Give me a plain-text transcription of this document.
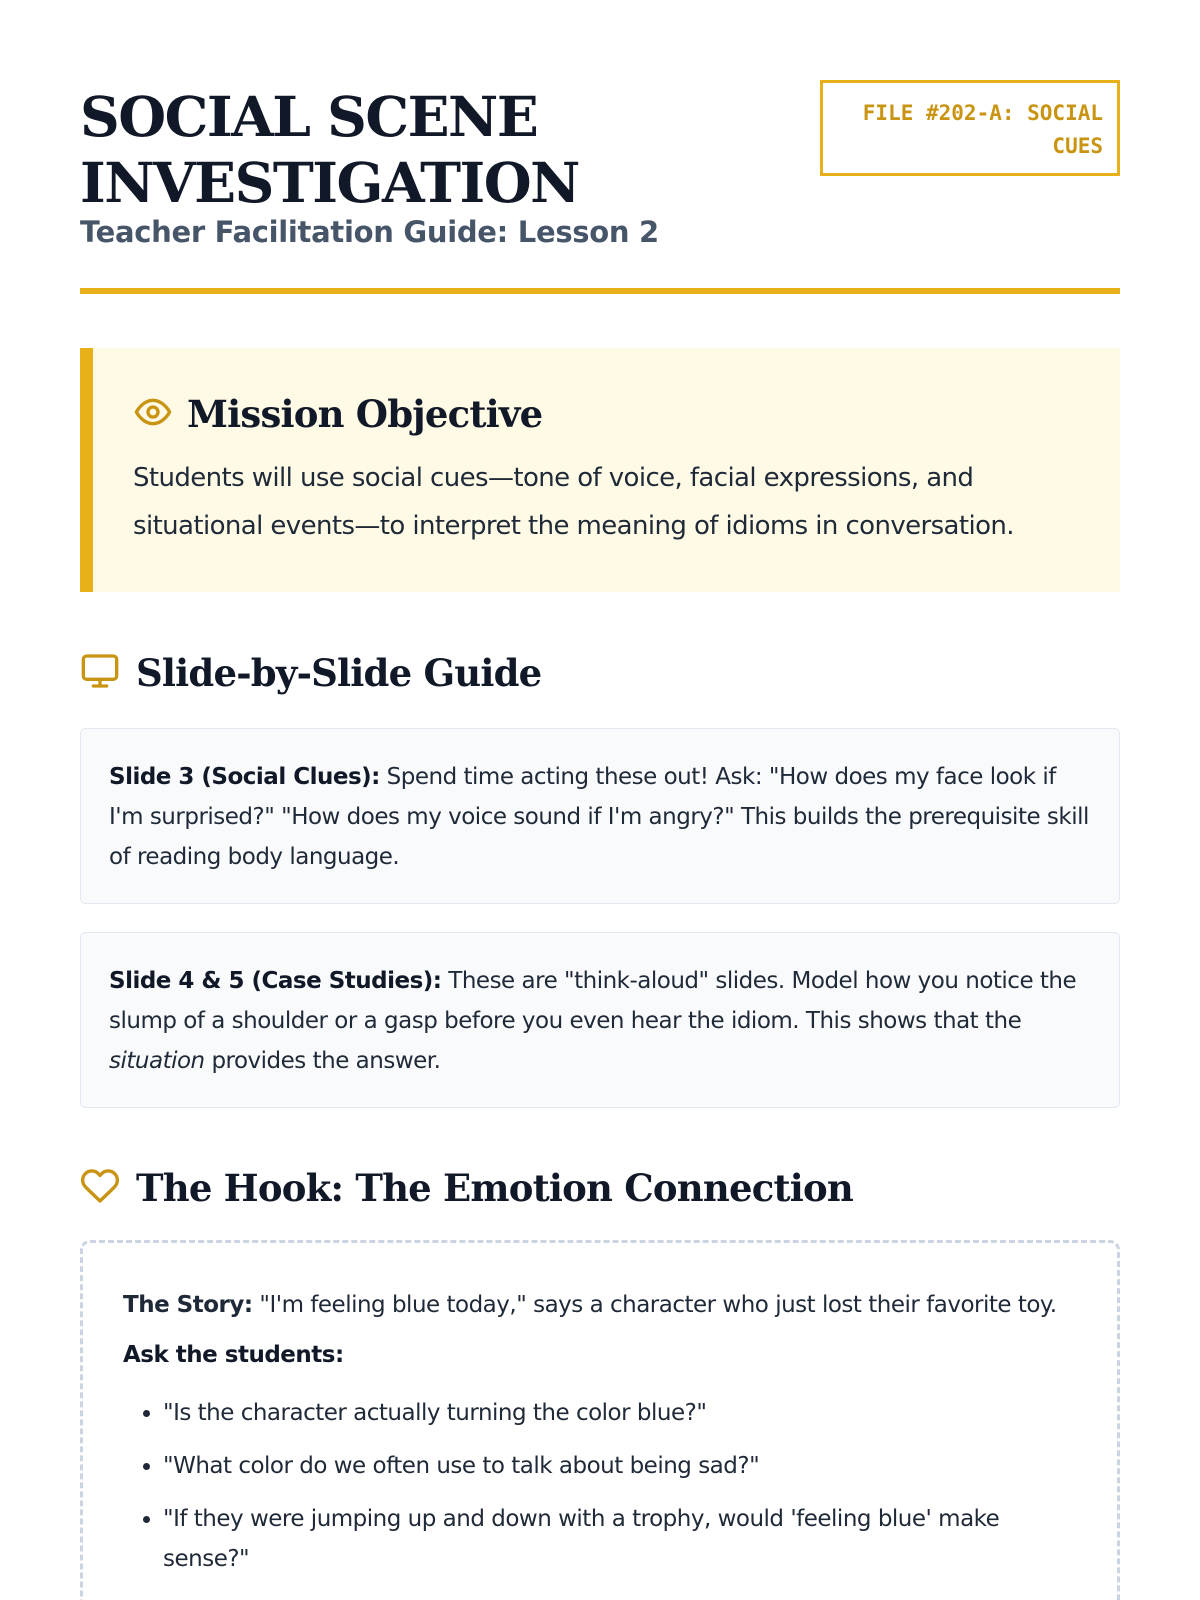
SOCIAL SCENE INVESTIGATION

Teacher Facilitation Guide: Lesson 2

FILE #202-A: SOCIAL CUES
Mission Objective

Students will use social cues—tone of voice, facial expressions, and situational events—to interpret the meaning of idioms in conversation.

Slide-by-Slide Guide
Slide 3 (Social Clues): Spend time acting these out! Ask: "How does my face look if I'm surprised?" "How does my voice sound if I'm angry?" This builds the prerequisite skill of reading body language.
Slide 4 & 5 (Case Studies): These are "think-aloud" slides. Model how you notice the slump of a shoulder or a gasp before you even hear the idiom. This shows that the situation provides the answer.
The Hook: The Emotion Connection

The Story: "I'm feeling blue today," says a character who just lost their favorite toy.

Ask the students:

• "Is the character actually turning the color blue?"
• "What color do we often use to talk about being sad?"
• "If they were jumping up and down with a trophy, would 'feeling blue' make sense?"
